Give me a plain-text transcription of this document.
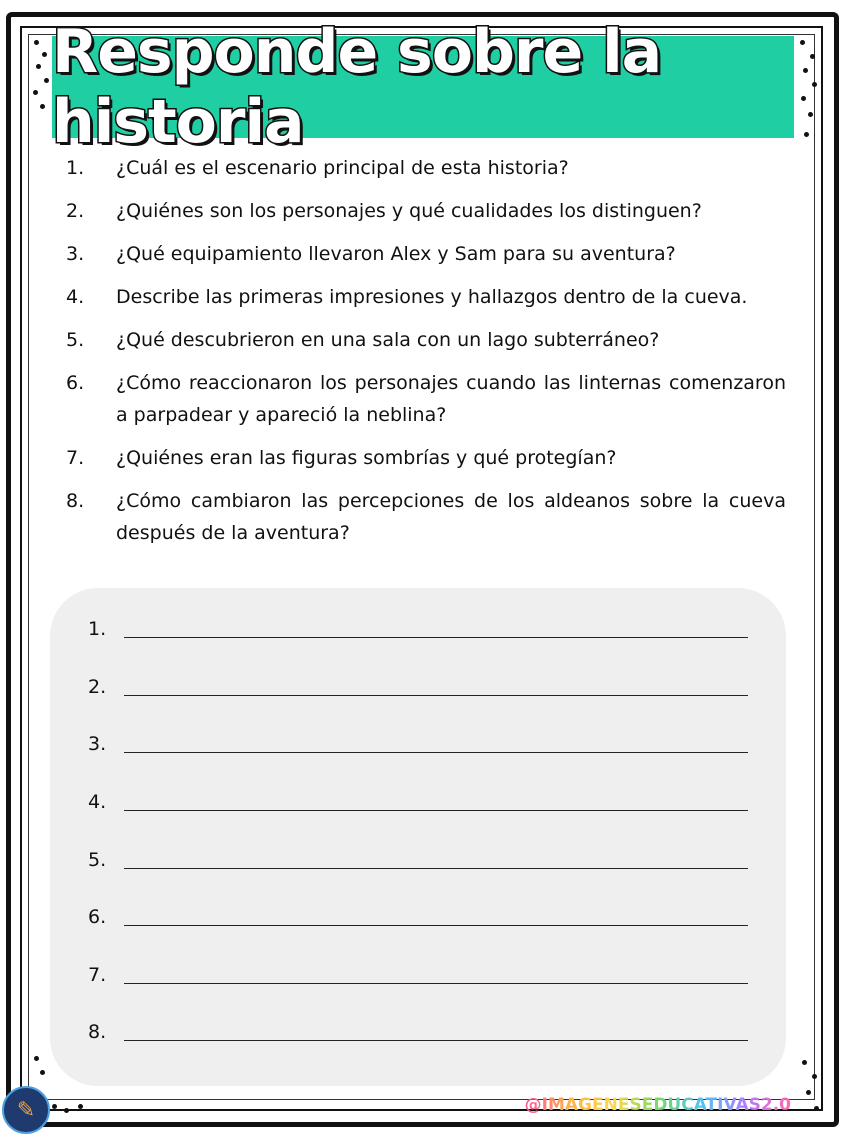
Responde sobre la historia
1.	¿Cuál es el escenario principal de esta historia?
2.	¿Quiénes son los personajes y qué cualidades los distinguen?
3.	¿Qué equipamiento llevaron Alex y Sam para su aventura?
4.	Describe las primeras impresiones y hallazgos dentro de la cueva.
5.	¿Qué descubrieron en una sala con un lago subterráneo?
6.	¿Cómo reaccionaron los personajes cuando las linternas comenzaron a parpadear y apareció la neblina?
7.	¿Quiénes eran las figuras sombrías y qué protegían?
8.	¿Cómo cambiaron las percepciones de los aldeanos sobre la cueva después de la aventura?
1.
2.
3.
4.
5.
6.
7.
8.
✎	@IMAGENESEDUCATIVAS2.0
